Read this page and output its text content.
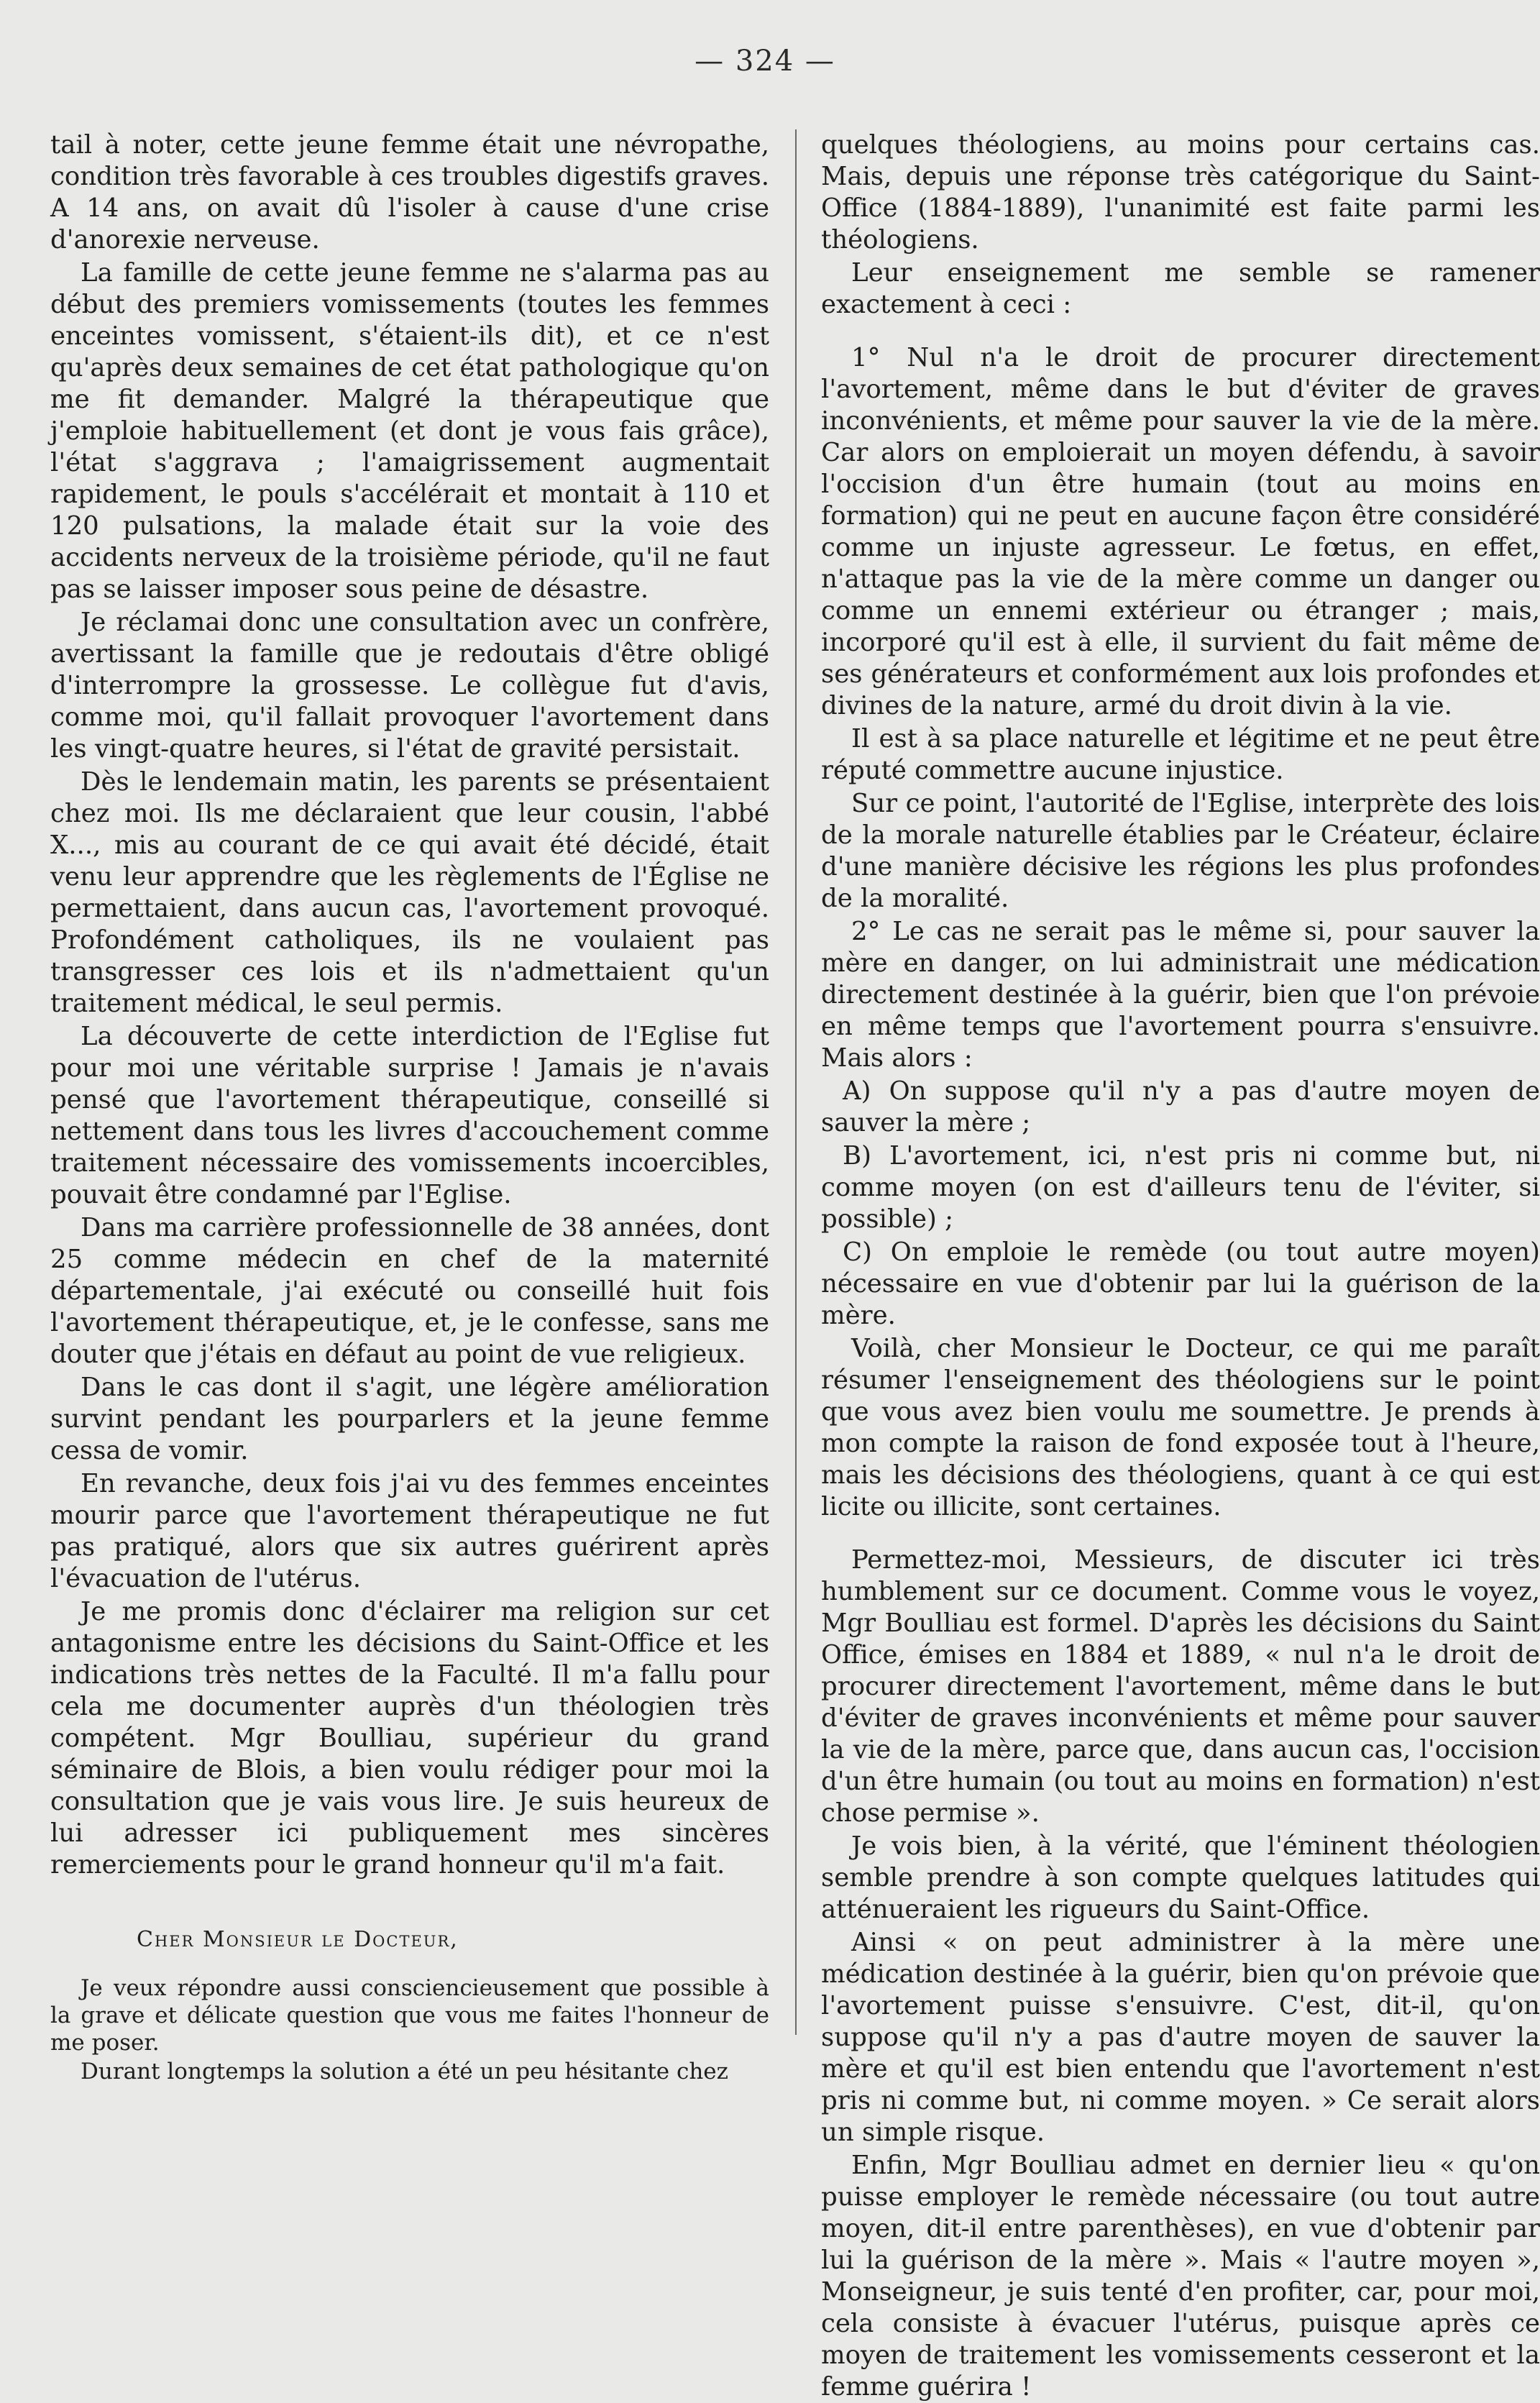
— 324 —

tail à noter, cette jeune femme était une névropathe, condition très favorable à ces troubles digestifs graves. A 14 ans, on avait dû l'isoler à cause d'une crise d'anorexie nerveuse.

La famille de cette jeune femme ne s'alarma pas au début des premiers vomissements (toutes les femmes enceintes vomissent, s'étaient-ils dit), et ce n'est qu'après deux semaines de cet état pathologique qu'on me fit demander. Malgré la thérapeutique que j'emploie habituellement (et dont je vous fais grâce), l'état s'aggrava ; l'amaigrissement augmentait rapidement, le pouls s'accélérait et montait à 110 et 120 pulsations, la malade était sur la voie des accidents nerveux de la troisième période, qu'il ne faut pas se laisser imposer sous peine de désastre.

Je réclamai donc une consultation avec un confrère, avertissant la famille que je redoutais d'être obligé d'interrompre la grossesse. Le collègue fut d'avis, comme moi, qu'il fallait provoquer l'avortement dans les vingt-quatre heures, si l'état de gravité persistait.

Dès le lendemain matin, les parents se présentaient chez moi. Ils me déclaraient que leur cousin, l'abbé X..., mis au courant de ce qui avait été décidé, était venu leur apprendre que les règlements de l'Église ne permettaient, dans aucun cas, l'avortement provoqué. Profondément catholiques, ils ne voulaient pas transgresser ces lois et ils n'admettaient qu'un traitement médical, le seul permis.

La découverte de cette interdiction de l'Eglise fut pour moi une véritable surprise ! Jamais je n'avais pensé que l'avortement thérapeutique, conseillé si nettement dans tous les livres d'accouchement comme traitement nécessaire des vomissements incoercibles, pouvait être condamné par l'Eglise.

Dans ma carrière professionnelle de 38 années, dont 25 comme médecin en chef de la maternité départementale, j'ai exécuté ou conseillé huit fois l'avortement thérapeutique, et, je le confesse, sans me douter que j'étais en défaut au point de vue religieux.

Dans le cas dont il s'agit, une légère amélioration survint pendant les pourparlers et la jeune femme cessa de vomir.

En revanche, deux fois j'ai vu des femmes enceintes mourir parce que l'avortement thérapeutique ne fut pas pratiqué, alors que six autres guérirent après l'évacuation de l'utérus.

Je me promis donc d'éclairer ma religion sur cet antagonisme entre les décisions du Saint-Office et les indications très nettes de la Faculté. Il m'a fallu pour cela me documenter auprès d'un théologien très compétent. Mgr Boulliau, supérieur du grand séminaire de Blois, a bien voulu rédiger pour moi la consultation que je vais vous lire. Je suis heureux de lui adresser ici publiquement mes sincères remerciements pour le grand honneur qu'il m'a fait.

Cher Monsieur le Docteur,

Je veux répondre aussi consciencieusement que possible à la grave et délicate question que vous me faites l'honneur de me poser.

Durant longtemps la solution a été un peu hésitante chez

quelques théologiens, au moins pour certains cas. Mais, depuis une réponse très catégorique du Saint-Office (1884-1889), l'unanimité est faite parmi les théologiens.

Leur enseignement me semble se ramener exactement à ceci :

1° Nul n'a le droit de procurer directement l'avortement, même dans le but d'éviter de graves inconvénients, et même pour sauver la vie de la mère. Car alors on emploierait un moyen défendu, à savoir l'occision d'un être humain (tout au moins en formation) qui ne peut en aucune façon être considéré comme un injuste agresseur. Le fœtus, en effet, n'attaque pas la vie de la mère comme un danger ou comme un ennemi extérieur ou étranger ; mais, incorporé qu'il est à elle, il survient du fait même de ses générateurs et conformément aux lois profondes et divines de la nature, armé du droit divin à la vie.

Il est à sa place naturelle et légitime et ne peut être réputé commettre aucune injustice.

Sur ce point, l'autorité de l'Eglise, interprète des lois de la morale naturelle établies par le Créateur, éclaire d'une manière décisive les régions les plus profondes de la moralité.

2° Le cas ne serait pas le même si, pour sauver la mère en danger, on lui administrait une médication directement destinée à la guérir, bien que l'on prévoie en même temps que l'avortement pourra s'ensuivre. Mais alors :

A) On suppose qu'il n'y a pas d'autre moyen de sauver la mère ;

B) L'avortement, ici, n'est pris ni comme but, ni comme moyen (on est d'ailleurs tenu de l'éviter, si possible) ;

C) On emploie le remède (ou tout autre moyen) nécessaire en vue d'obtenir par lui la guérison de la mère.

Voilà, cher Monsieur le Docteur, ce qui me paraît résumer l'enseignement des théologiens sur le point que vous avez bien voulu me soumettre. Je prends à mon compte la raison de fond exposée tout à l'heure, mais les décisions des théologiens, quant à ce qui est licite ou illicite, sont certaines.

Permettez-moi, Messieurs, de discuter ici très humblement sur ce document. Comme vous le voyez, Mgr Boulliau est formel. D'après les décisions du Saint Office, émises en 1884 et 1889, « nul n'a le droit de procurer directement l'avortement, même dans le but d'éviter de graves inconvénients et même pour sauver la vie de la mère, parce que, dans aucun cas, l'occision d'un être humain (ou tout au moins en formation) n'est chose permise ».

Je vois bien, à la vérité, que l'éminent théologien semble prendre à son compte quelques latitudes qui atténueraient les rigueurs du Saint-Office.

Ainsi « on peut administrer à la mère une médication destinée à la guérir, bien qu'on prévoie que l'avortement puisse s'ensuivre. C'est, dit-il, qu'on suppose qu'il n'y a pas d'autre moyen de sauver la mère et qu'il est bien entendu que l'avortement n'est pris ni comme but, ni comme moyen. » Ce serait alors un simple risque.

Enfin, Mgr Boulliau admet en dernier lieu « qu'on puisse employer le remède nécessaire (ou tout autre moyen, dit-il entre parenthèses), en vue d'obtenir par lui la guérison de la mère ». Mais « l'autre moyen », Monseigneur, je suis tenté d'en profiter, car, pour moi, cela consiste à évacuer l'utérus, puisque après ce moyen de traitement les vomissements cesseront et la femme guérira !
